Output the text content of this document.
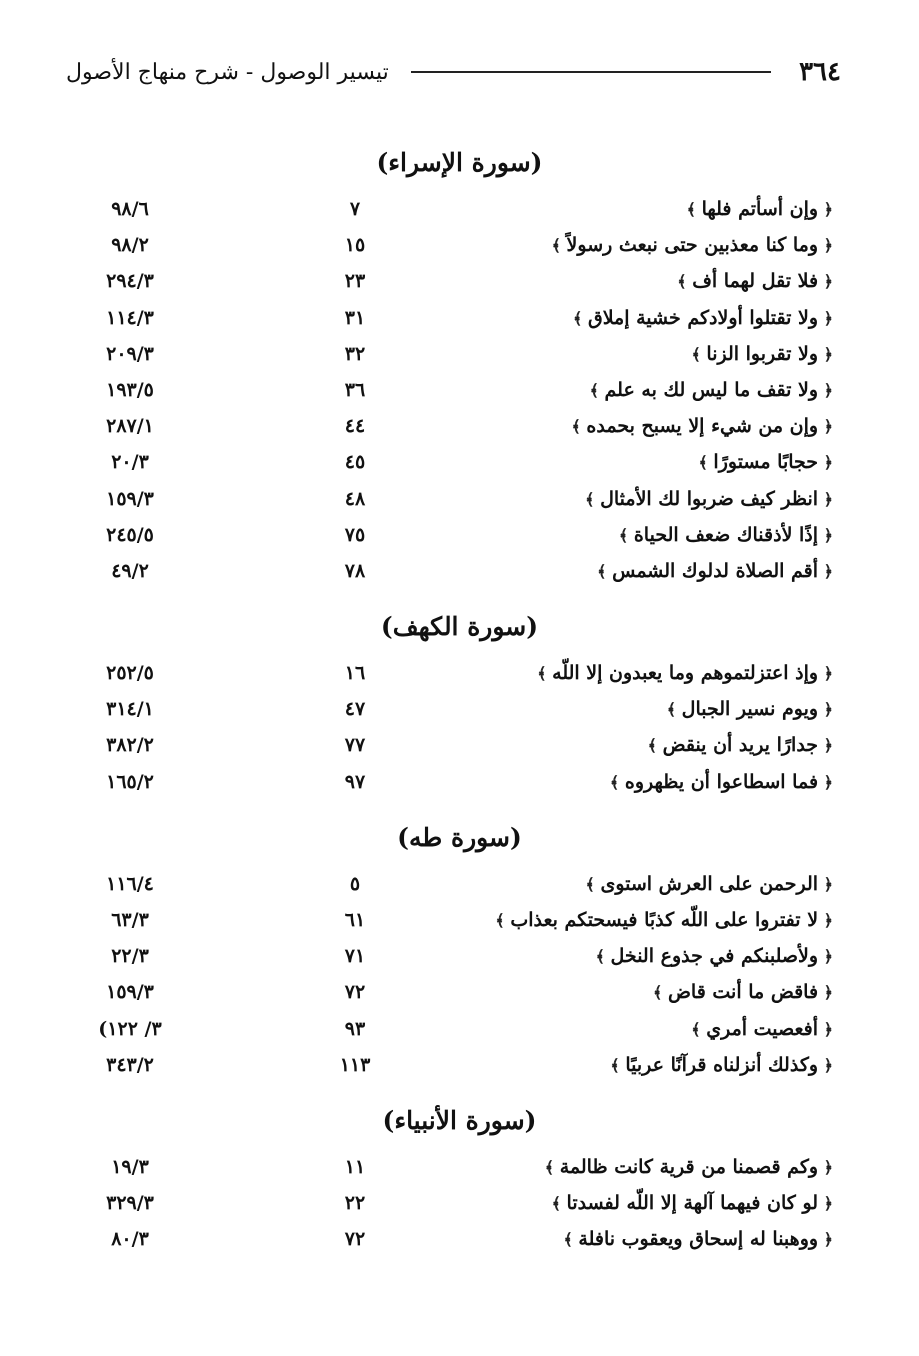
٣٦٤
تيسير الوصول - شرح منهاج الأصول
(سورة الإسراء)
﴿ وإن أسأتم فلها ﴾
٧
٩٨/٦
﴿ وما كنا معذبين حتى نبعث رسولاً ﴾
١٥
٩٨/٢
﴿ فلا تقل لهما أف ﴾
٢٣
٢٩٤/٣
﴿ ولا تقتلوا أولادكم خشية إملاق ﴾
٣١
١١٤/٣
﴿ ولا تقربوا الزنا ﴾
٣٢
٢٠٩/٣
﴿ ولا تقف ما ليس لك به علم ﴾
٣٦
١٩٣/٥
﴿ وإن من شيء إلا يسبح بحمده ﴾
٤٤
٢٨٧/١
﴿ حجابًا مستورًا ﴾
٤٥
٢٠/٣
﴿ انظر كيف ضربوا لك الأمثال ﴾
٤٨
١٥٩/٣
﴿ إذًا لأذقناك ضعف الحياة ﴾
٧٥
٢٤٥/٥
﴿ أقم الصلاة لدلوك الشمس ﴾
٧٨
٤٩/٢
(سورة الكهف)
﴿ وإذ اعتزلتموهم وما يعبدون إلا اللّه ﴾
١٦
٢٥٢/٥
﴿ ويوم نسير الجبال ﴾
٤٧
٣١٤/١
﴿ جدارًا يريد أن ينقض ﴾
٧٧
٣٨٢/٢
﴿ فما اسطاعوا أن يظهروه ﴾
٩٧
١٦٥/٢
(سورة طه)
﴿ الرحمن على العرش استوى ﴾
٥
١١٦/٤
﴿ لا تفتروا على اللّه كذبًا فيسحتكم بعذاب ﴾
٦١
٦٣/٣
﴿ ولأصلبنكم في جذوع النخل ﴾
٧١
٢٢/٣
﴿ فاقض ما أنت قاض ﴾
٧٢
١٥٩/٣
﴿ أفعصيت أمري ﴾
٩٣
(٣/ ١٢٢
﴿ وكذلك أنزلناه قرآنًا عربيًا ﴾
١١٣
٣٤٣/٢
(سورة الأنبياء)
﴿ وكم قصمنا من قرية كانت ظالمة ﴾
١١
١٩/٣
﴿ لو كان فيهما آلهة إلا اللّه لفسدتا ﴾
٢٢
٣٢٩/٣
﴿ ووهبنا له إسحاق ويعقوب نافلة ﴾
٧٢
٨٠/٣
